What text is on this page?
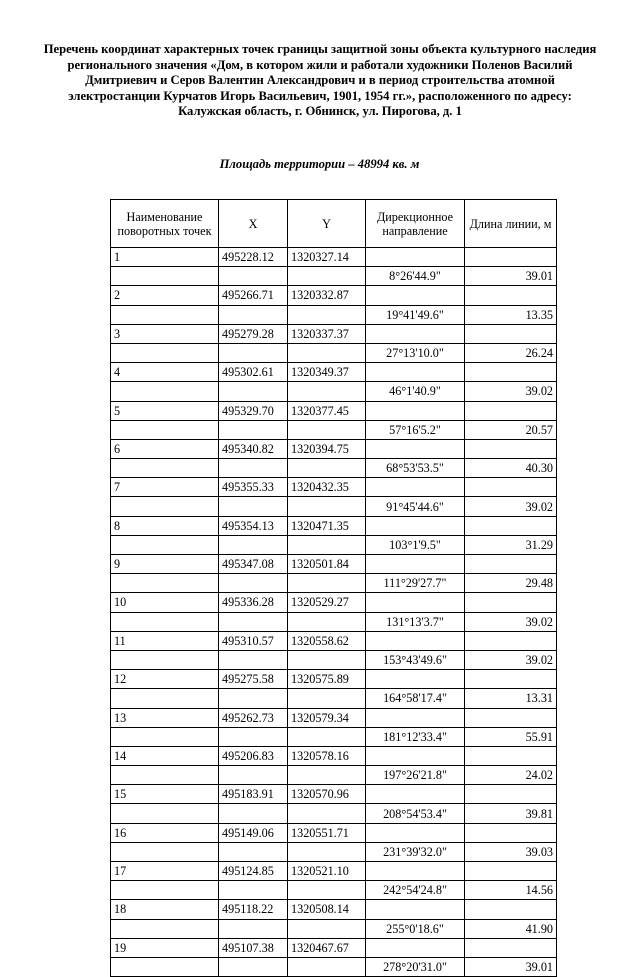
Перечень координат характерных точек границы защитной зоны объекта культурного наследия регионального значения «Дом, в котором жили и работали художники Поленов Василий Дмитриевич и Серов Валентин Александрович и в период строительства атомной электростанции Курчатов Игорь Васильевич, 1901, 1954 гг.», расположенного по адресу: Калужская область, г. Обнинск, ул. Пирогова, д. 1
Площадь территории – 48994 кв. м
Наименование поворотных точек	X	Y	Дирекционное направление	Длина линии, м
1	495228.12	1320327.14		
			8°26'44.9"	39.01
2	495266.71	1320332.87		
			19°41'49.6"	13.35
3	495279.28	1320337.37		
			27°13'10.0"	26.24
4	495302.61	1320349.37		
			46°1'40.9"	39.02
5	495329.70	1320377.45		
			57°16'5.2"	20.57
6	495340.82	1320394.75		
			68°53'53.5"	40.30
7	495355.33	1320432.35		
			91°45'44.6"	39.02
8	495354.13	1320471.35		
			103°1'9.5"	31.29
9	495347.08	1320501.84		
			111°29'27.7"	29.48
10	495336.28	1320529.27		
			131°13'3.7"	39.02
11	495310.57	1320558.62		
			153°43'49.6"	39.02
12	495275.58	1320575.89		
			164°58'17.4"	13.31
13	495262.73	1320579.34		
			181°12'33.4"	55.91
14	495206.83	1320578.16		
			197°26'21.8"	24.02
15	495183.91	1320570.96		
			208°54'53.4"	39.81
16	495149.06	1320551.71		
			231°39'32.0"	39.03
17	495124.85	1320521.10		
			242°54'24.8"	14.56
18	495118.22	1320508.14		
			255°0'18.6"	41.90
19	495107.38	1320467.67		
			278°20'31.0"	39.01
